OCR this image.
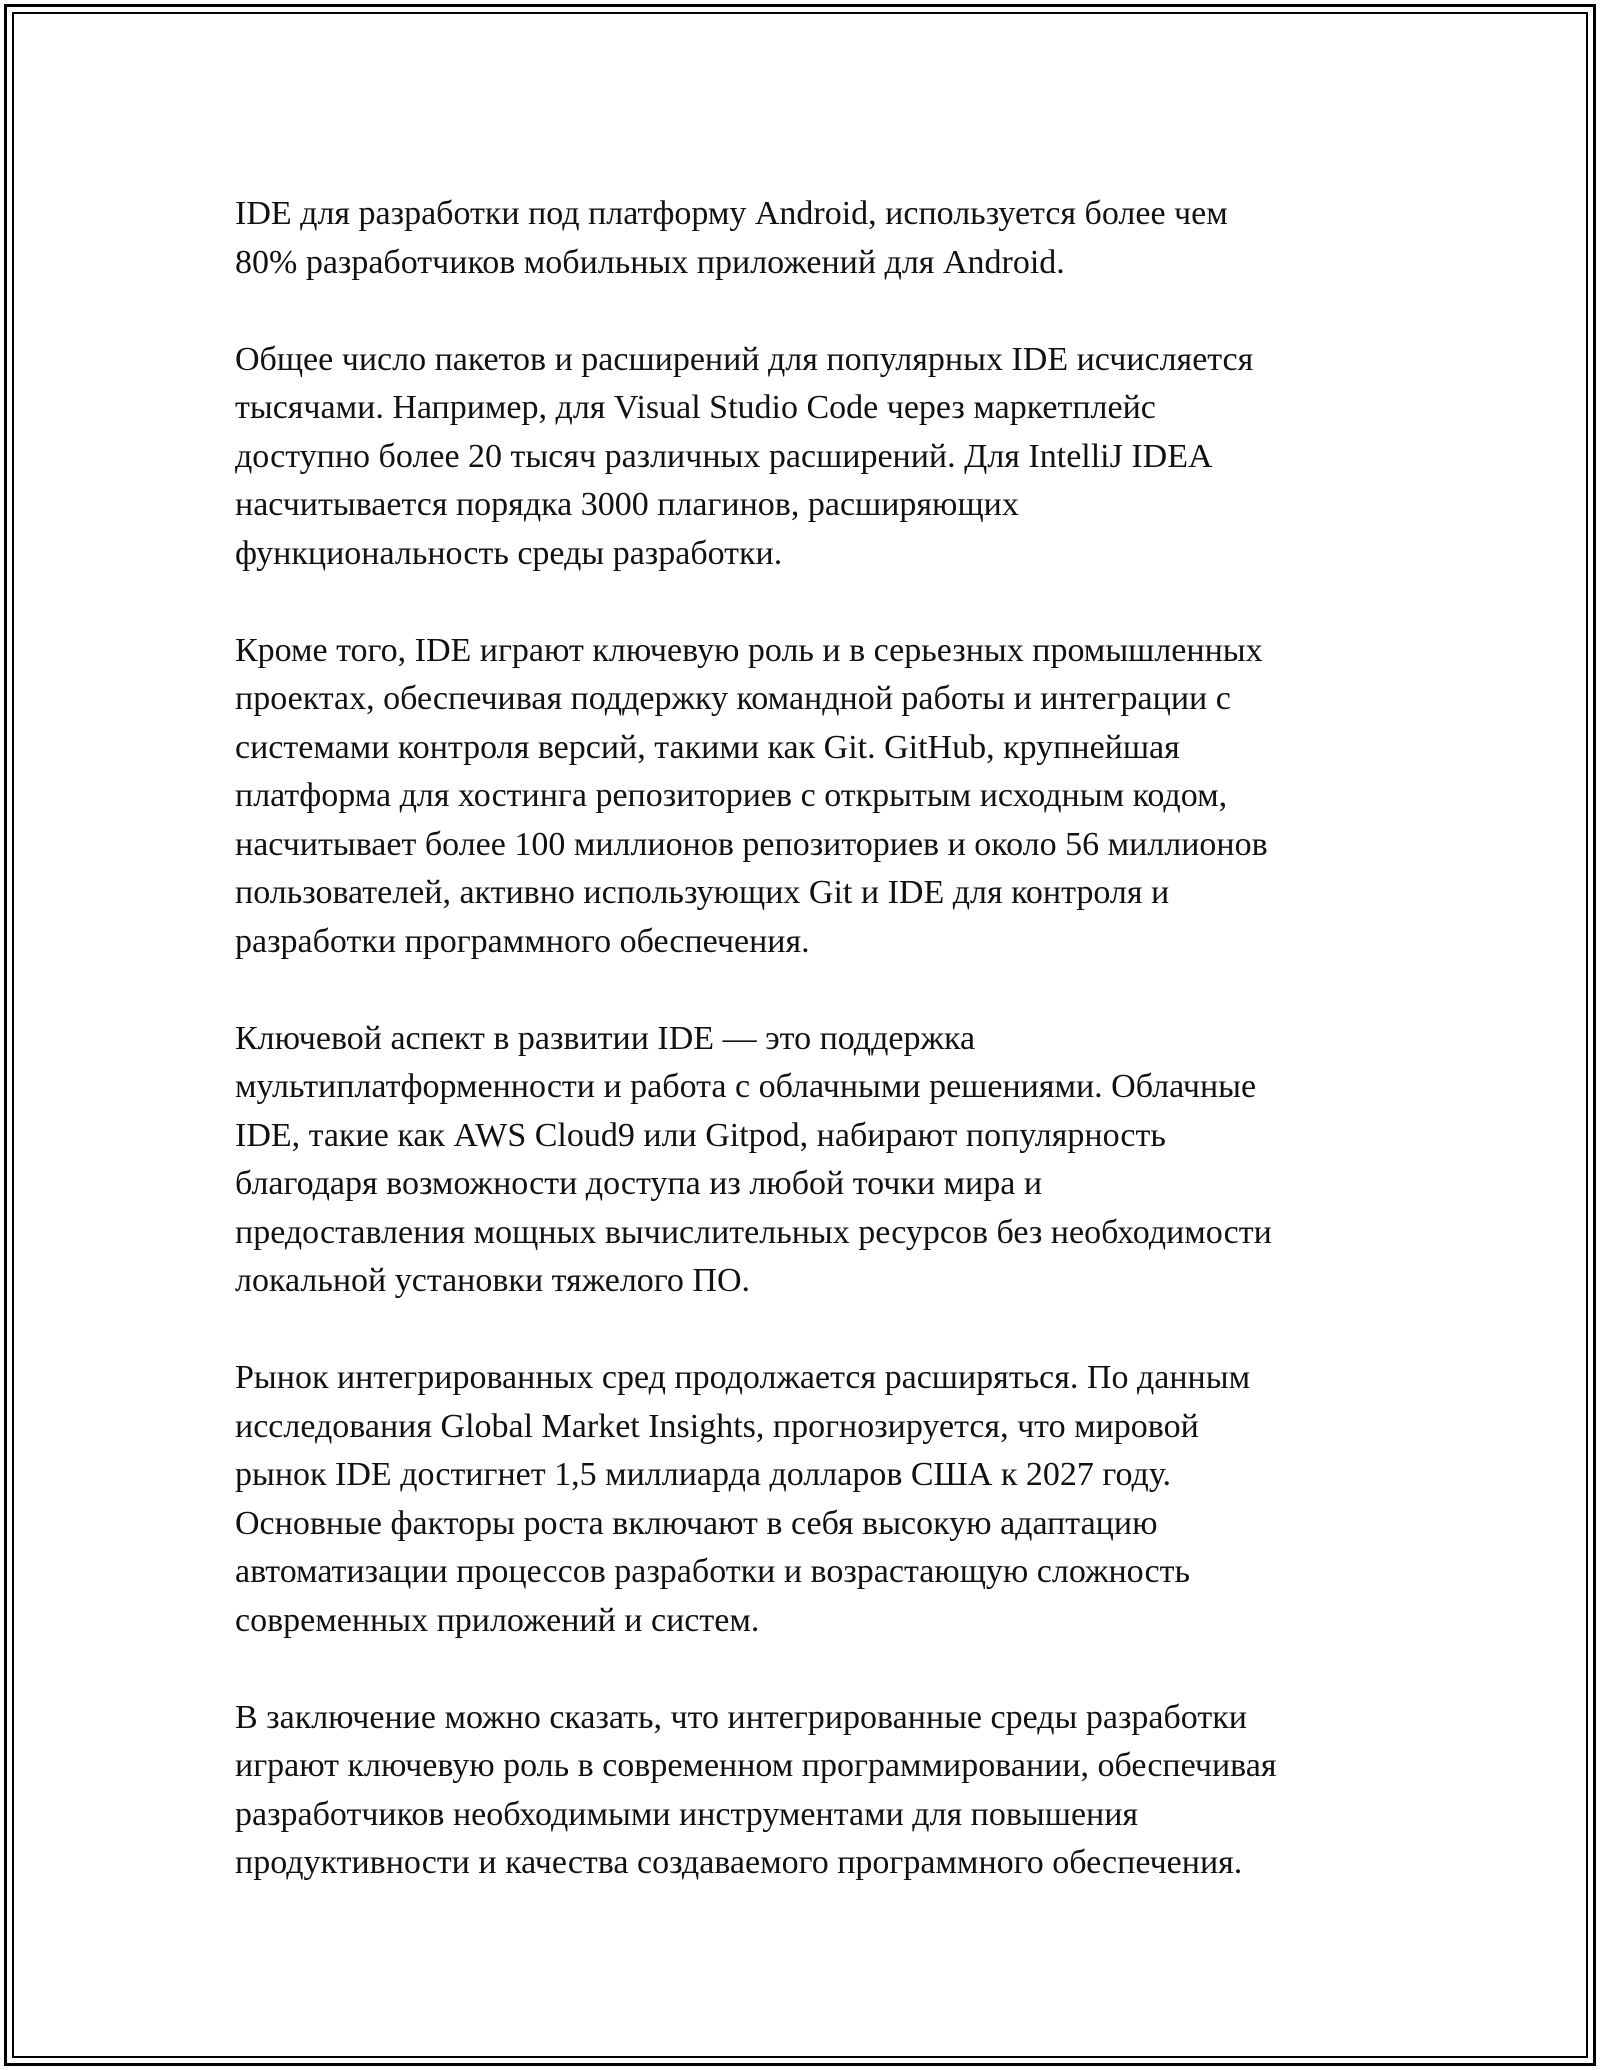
IDE для разработки под платформу Android, используется более чем
80% разработчиков мобильных приложений для Android.

Общее число пакетов и расширений для популярных IDE исчисляется
тысячами. Например, для Visual Studio Code через маркетплейс
доступно более 20 тысяч различных расширений. Для IntelliJ IDEA
насчитывается порядка 3000 плагинов, расширяющих
функциональность среды разработки.

Кроме того, IDE играют ключевую роль и в серьезных промышленных
проектах, обеспечивая поддержку командной работы и интеграции с
системами контроля версий, такими как Git. GitHub, крупнейшая
платформа для хостинга репозиториев с открытым исходным кодом,
насчитывает более 100 миллионов репозиториев и около 56 миллионов
пользователей, активно использующих Git и IDE для контроля и
разработки программного обеспечения.

Ключевой аспект в развитии IDE — это поддержка
мультиплатформенности и работа с облачными решениями. Облачные
IDE, такие как AWS Cloud9 или Gitpod, набирают популярность
благодаря возможности доступа из любой точки мира и
предоставления мощных вычислительных ресурсов без необходимости
локальной установки тяжелого ПО.

Рынок интегрированных сред продолжается расширяться. По данным
исследования Global Market Insights, прогнозируется, что мировой
рынок IDE достигнет 1,5 миллиарда долларов США к 2027 году.
Основные факторы роста включают в себя высокую адаптацию
автоматизации процессов разработки и возрастающую сложность
современных приложений и систем.

В заключение можно сказать, что интегрированные среды разработки
играют ключевую роль в современном программировании, обеспечивая
разработчиков необходимыми инструментами для повышения
продуктивности и качества создаваемого программного обеспечения.
